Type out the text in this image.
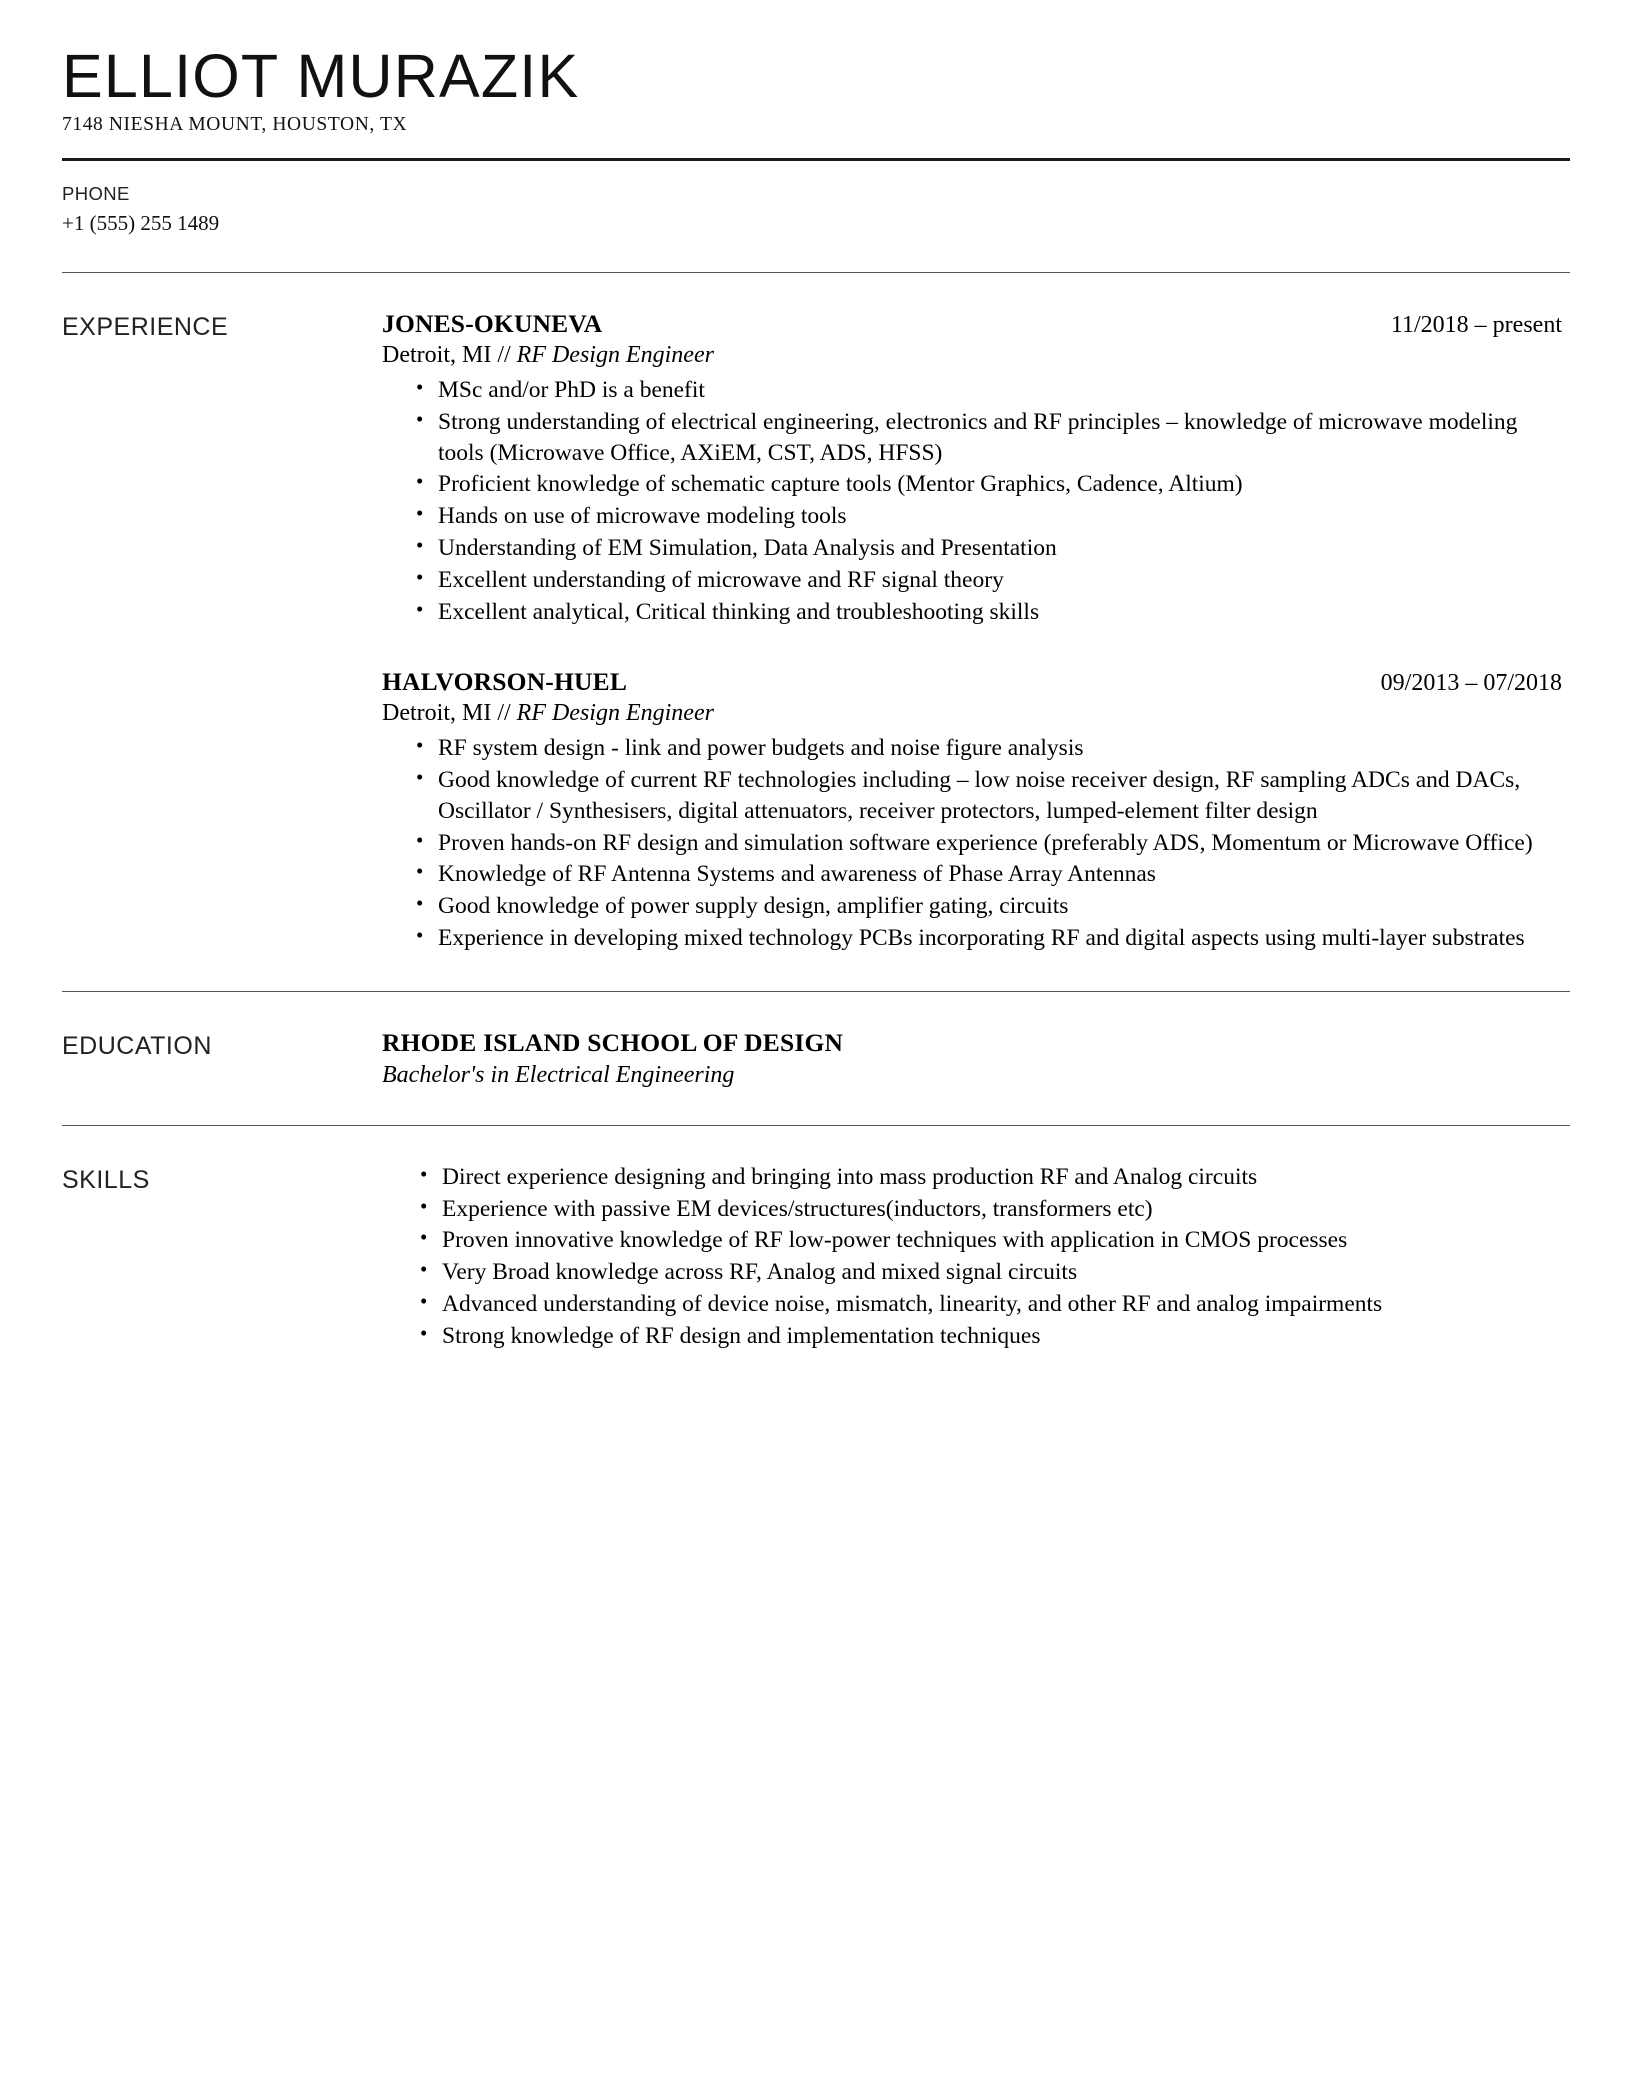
ELLIOT MURAZIK
7148 NIESHA MOUNT, HOUSTON, TX
PHONE
+1 (555) 255 1489
EXPERIENCE	JONES-OKUNEVA	11/2018 – present
Detroit, MI // RF Design Engineer
• MSc and/or PhD is a benefit
• Strong understanding of electrical engineering, electronics and RF principles – knowledge of microwave modeling tools (Microwave Office, AXiEM, CST, ADS, HFSS)
• Proficient knowledge of schematic capture tools (Mentor Graphics, Cadence, Altium)
• Hands on use of microwave modeling tools
• Understanding of EM Simulation, Data Analysis and Presentation
• Excellent understanding of microwave and RF signal theory
• Excellent analytical, Critical thinking and troubleshooting skills
HALVORSON-HUEL	09/2013 – 07/2018
Detroit, MI // RF Design Engineer
• RF system design - link and power budgets and noise figure analysis
• Good knowledge of current RF technologies including – low noise receiver design, RF sampling ADCs and DACs, Oscillator / Synthesisers, digital attenuators, receiver protectors, lumped-element filter design
• Proven hands-on RF design and simulation software experience (preferably ADS, Momentum or Microwave Office)
• Knowledge of RF Antenna Systems and awareness of Phase Array Antennas
• Good knowledge of power supply design, amplifier gating, circuits
• Experience in developing mixed technology PCBs incorporating RF and digital aspects using multi-layer substrates
EDUCATION	RHODE ISLAND SCHOOL OF DESIGN
Bachelor's in Electrical Engineering
SKILLS	• Direct experience designing and bringing into mass production RF and Analog circuits
• Experience with passive EM devices/structures(inductors, transformers etc)
• Proven innovative knowledge of RF low-power techniques with application in CMOS processes
• Very Broad knowledge across RF, Analog and mixed signal circuits
• Advanced understanding of device noise, mismatch, linearity, and other RF and analog impairments
• Strong knowledge of RF design and implementation techniques
